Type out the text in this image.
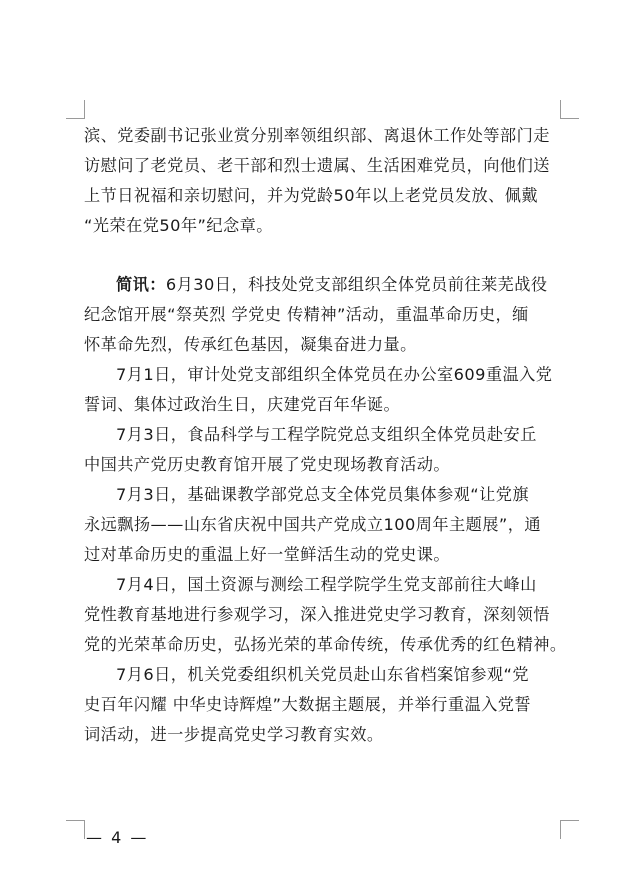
滨、党委副书记张业赏分别率领组织部、离退休工作处等部门走
访慰问了老党员、老干部和烈士遗属、生活困难党员，向他们送
上节日祝福和亲切慰问，并为党龄50年以上老党员发放、佩戴
“光荣在党50年”纪念章。
简讯：6月30日，科技处党支部组织全体党员前往莱芜战役
纪念馆开展“祭英烈 学党史 传精神”活动，重温革命历史，缅
怀革命先烈，传承红色基因，凝集奋进力量。
7月1日，审计处党支部组织全体党员在办公室609重温入党
誓词、集体过政治生日，庆建党百年华诞。
7月3日，食品科学与工程学院党总支组织全体党员赴安丘
中国共产党历史教育馆开展了党史现场教育活动。
7月3日，基础课教学部党总支全体党员集体参观“让党旗
永远飘扬——山东省庆祝中国共产党成立100周年主题展”，通
过对革命历史的重温上好一堂鲜活生动的党史课。
7月4日，国土资源与测绘工程学院学生党支部前往大峰山
党性教育基地进行参观学习，深入推进党史学习教育，深刻领悟
党的光荣革命历史，弘扬光荣的革命传统，传承优秀的红色精神。
7月6日，机关党委组织机关党员赴山东省档案馆参观“党
史百年闪耀 中华史诗辉煌”大数据主题展，并举行重温入党誓
词活动，进一步提高党史学习教育实效。
— 4 —
